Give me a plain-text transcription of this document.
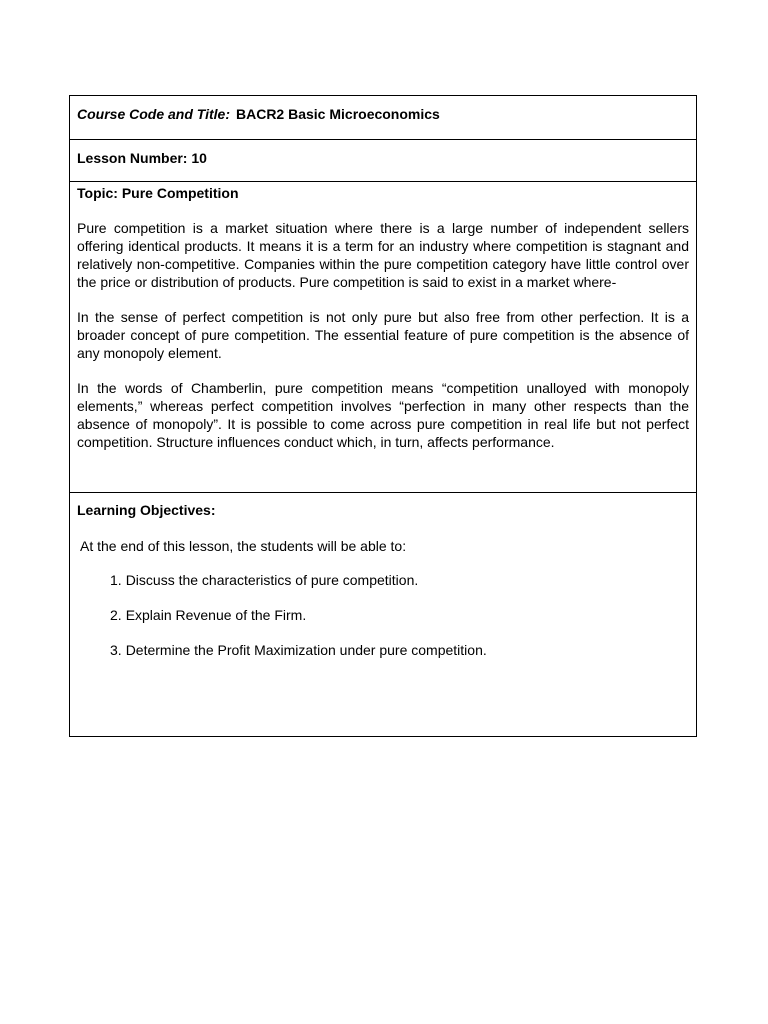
Course Code and Title: BACR2 Basic Microeconomics
Lesson Number: 10
Topic: Pure Competition

Pure competition is a market situation where there is a large number of independent sellers offering identical products. It means it is a term for an industry where competition is stagnant and relatively non-competitive. Companies within the pure competition category have little control over the price or distribution of products. Pure competition is said to exist in a market where-

In the sense of perfect competition is not only pure but also free from other perfection. It is a broader concept of pure competition. The essential feature of pure competition is the absence of any monopoly element.

In the words of Chamberlin, pure competition means “competition unalloyed with monopoly elements,” whereas perfect competition involves “perfection in many other respects than the absence of monopoly”. It is possible to come across pure competition in real life but not perfect competition. Structure influences conduct which, in turn, affects performance.

Learning Objectives:
At the end of this lesson, the students will be able to:
1. Discuss the characteristics of pure competition.
2. Explain Revenue of the Firm.
3. Determine the Profit Maximization under pure competition.
